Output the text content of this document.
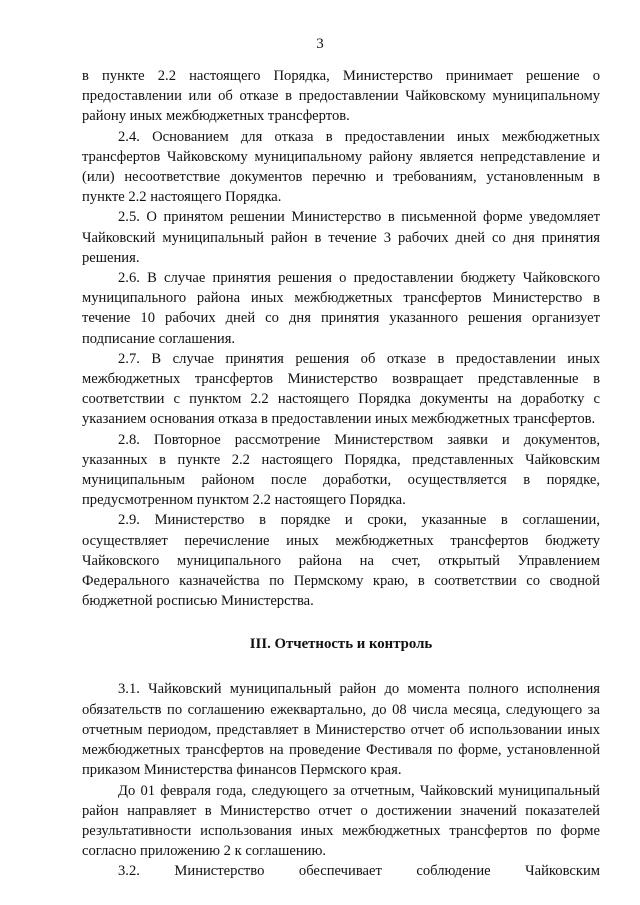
3

в пункте 2.2 настоящего Порядка, Министерство принимает решение о предоставлении или об отказе в предоставлении Чайковскому муниципальному району иных межбюджетных трансфертов.

2.4. Основанием для отказа в предоставлении иных межбюджетных трансфертов Чайковскому муниципальному району является непредставление и (или) несоответствие документов перечню и требованиям, установленным в пункте 2.2 настоящего Порядка.

2.5. О принятом решении Министерство в письменной форме уведомляет Чайковский муниципальный район в течение 3 рабочих дней со дня принятия решения.

2.6. В случае принятия решения о предоставлении бюджету Чайковского муниципального района иных межбюджетных трансфертов Министерство в течение 10 рабочих дней со дня принятия указанного решения организует подписание соглашения.

2.7. В случае принятия решения об отказе в предоставлении иных межбюджетных трансфертов Министерство возвращает представленные в соответствии с пунктом 2.2 настоящего Порядка документы на доработку с указанием основания отказа в предоставлении иных межбюджетных трансфертов.

2.8. Повторное рассмотрение Министерством заявки и документов, указанных в пункте 2.2 настоящего Порядка, представленных Чайковским муниципальным районом после доработки, осуществляется в порядке, предусмотренном пунктом 2.2 настоящего Порядка.

2.9. Министерство в порядке и сроки, указанные в соглашении, осуществляет перечисление иных межбюджетных трансфертов бюджету Чайковского муниципального района на счет, открытый Управлением Федерального казначейства по Пермскому краю, в соответствии со сводной бюджетной росписью Министерства.

III. Отчетность и контроль

3.1. Чайковский муниципальный район до момента полного исполнения обязательств по соглашению ежеквартально, до 08 числа месяца, следующего за отчетным периодом, представляет в Министерство отчет об использовании иных межбюджетных трансфертов на проведение Фестиваля по форме, установленной приказом Министерства финансов Пермского края.

До 01 февраля года, следующего за отчетным, Чайковский муниципальный район направляет в Министерство отчет о достижении значений показателей результативности использования иных межбюджетных трансфертов по форме согласно приложению 2 к соглашению.

3.2. Министерство обеспечивает соблюдение Чайковским
